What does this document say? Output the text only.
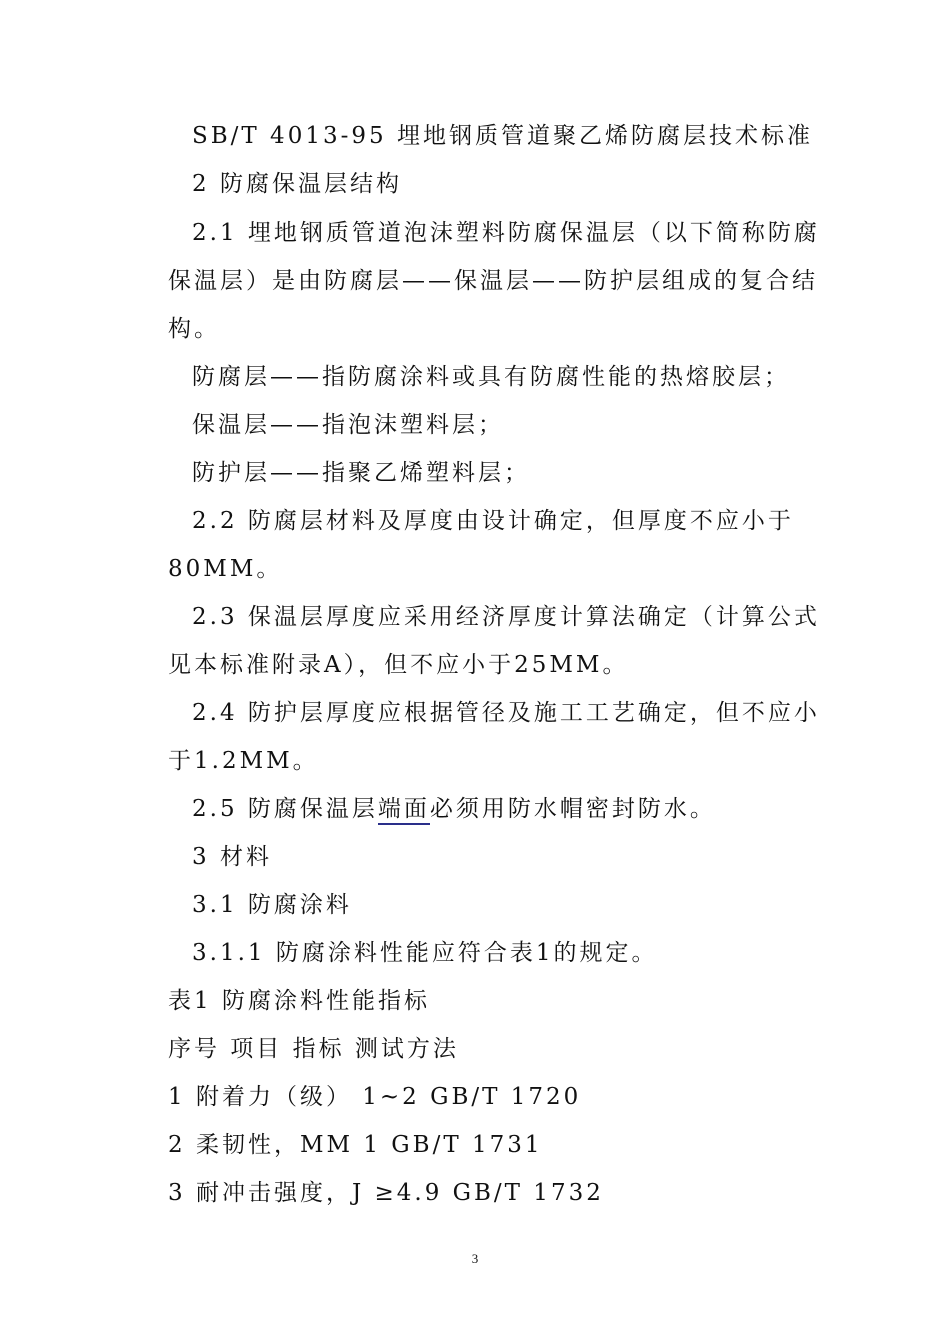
SB/T 4013-95 埋地钢质管道聚乙烯防腐层技术标准
2 防腐保温层结构
2.1 埋地钢质管道泡沫塑料防腐保温层（以下简称防腐
保温层）是由防腐层——保温层——防护层组成的复合结
构。
防腐层——指防腐涂料或具有防腐性能的热熔胶层；
保温层——指泡沫塑料层；
防护层——指聚乙烯塑料层；
2.2 防腐层材料及厚度由设计确定，但厚度不应小于
80MM。
2.3 保温层厚度应采用经济厚度计算法确定（计算公式
见本标准附录A），但不应小于25MM。
2.4 防护层厚度应根据管径及施工工艺确定，但不应小
于1.2MM。
2.5 防腐保温层端面必须用防水帽密封防水。
3 材料
3.1 防腐涂料
3.1.1 防腐涂料性能应符合表1的规定。
表1 防腐涂料性能指标
序号 项目 指标 测试方法
1 附着力（级） 1~2 GB/T 1720
2 柔韧性，MM 1 GB/T 1731
3 耐冲击强度，J ≥4.9 GB/T 1732
3
